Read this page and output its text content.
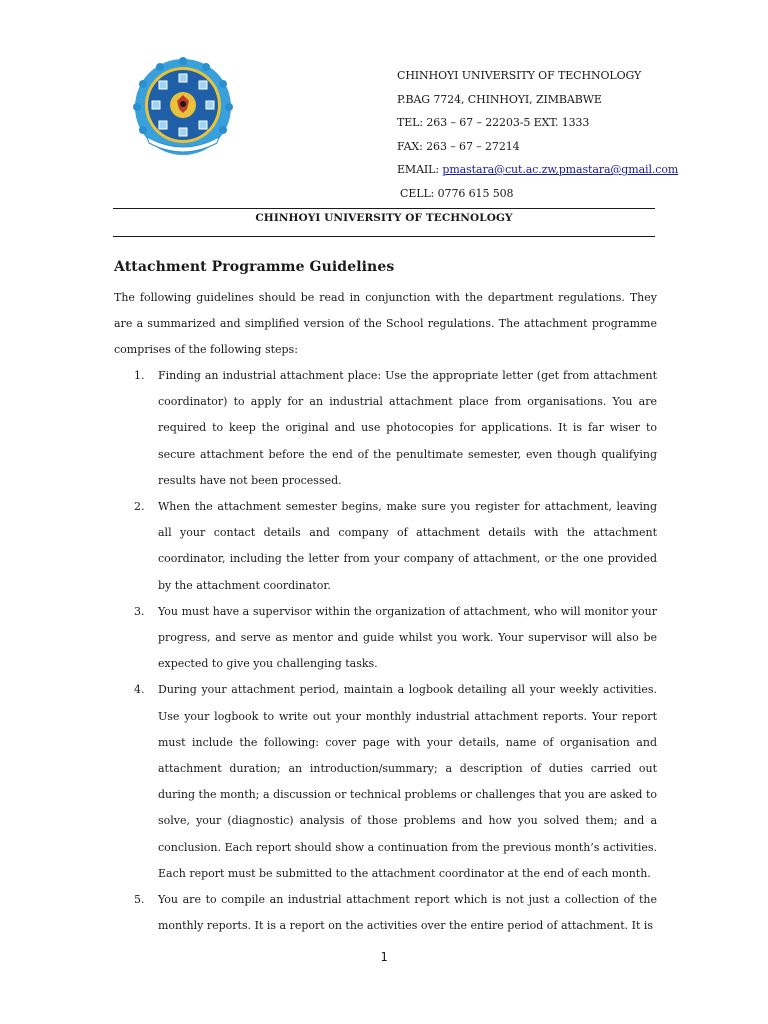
CHINHOYI UNIVERSITY OF TECHNOLOGY
P.BAG 7724, CHINHOYI, ZIMBABWE
TEL: 263 – 67 – 22203-5 EXT. 1333
FAX: 263 – 67 – 27214
EMAIL: pmastara@cut.ac.zw,pmastara@gmail.com
CELL: 0776 615 508
CHINHOYI UNIVERSITY OF TECHNOLOGY
Attachment Programme Guidelines
The following guidelines should be read in conjunction with the department regulations. They are a summarized and simplified version of the School regulations. The attachment programme comprises of the following steps:
1. Finding an industrial attachment place: Use the appropriate letter (get from attachment coordinator) to apply for an industrial attachment place from organisations. You are required to keep the original and use photocopies for applications. It is far wiser to secure attachment before the end of the penultimate semester, even though qualifying results have not been processed.
2. When the attachment semester begins, make sure you register for attachment, leaving all your contact details and company of attachment details with the attachment coordinator, including the letter from your company of attachment, or the one provided by the attachment coordinator.
3. You must have a supervisor within the organization of attachment, who will monitor your progress, and serve as mentor and guide whilst you work. Your supervisor will also be expected to give you challenging tasks.
4. During your attachment period, maintain a logbook detailing all your weekly activities. Use your logbook to write out your monthly industrial attachment reports. Your report must include the following: cover page with your details, name of organisation and attachment duration; an introduction/summary; a description of duties carried out during the month; a discussion or technical problems or challenges that you are asked to solve, your (diagnostic) analysis of those problems and how you solved them; and a conclusion. Each report should show a continuation from the previous month’s activities. Each report must be submitted to the attachment coordinator at the end of each month.
5. You are to compile an industrial attachment report which is not just a collection of the monthly reports. It is a report on the activities over the entire period of attachment. It is
1
